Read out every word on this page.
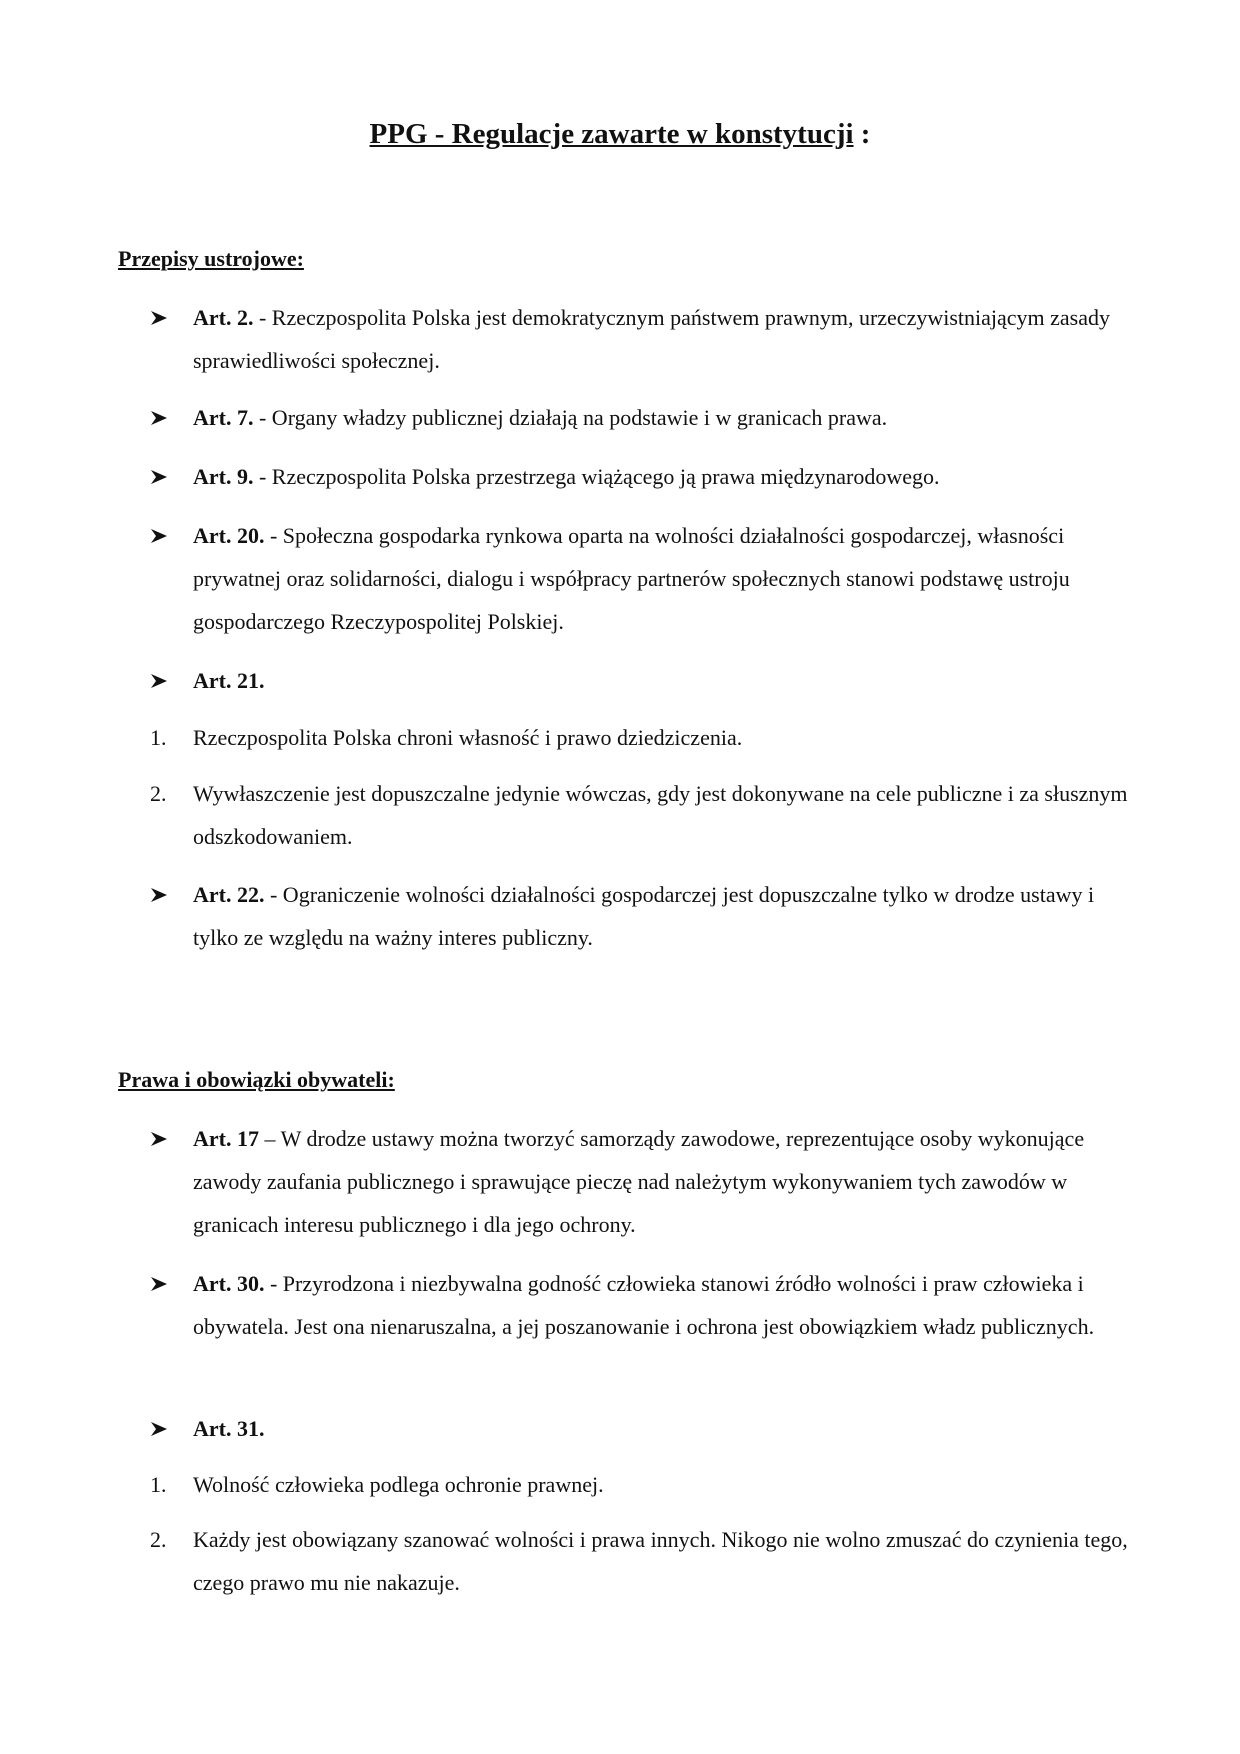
PPG - Regulacje zawarte w konstytucji :
Przepisy ustrojowe:
Art. 2. - Rzeczpospolita Polska jest demokratycznym państwem prawnym, urzeczywistniającym zasady sprawiedliwości społecznej.
Art. 7. - Organy władzy publicznej działają na podstawie i w granicach prawa.
Art. 9. - Rzeczpospolita Polska przestrzega wiążącego ją prawa międzynarodowego.
Art. 20. - Społeczna gospodarka rynkowa oparta na wolności działalności gospodarczej, własności prywatnej oraz solidarności, dialogu i współpracy partnerów społecznych stanowi podstawę ustroju gospodarczego Rzeczypospolitej Polskiej.
Art. 21.
1.	Rzeczpospolita Polska chroni własność i prawo dziedziczenia.
2.	Wywłaszczenie jest dopuszczalne jedynie wówczas, gdy jest dokonywane na cele publiczne i za słusznym odszkodowaniem.
Art. 22. - Ograniczenie wolności działalności gospodarczej jest dopuszczalne tylko w drodze ustawy i tylko ze względu na ważny interes publiczny.
Prawa i obowiązki obywateli:
Art. 17 – W drodze ustawy można tworzyć samorządy zawodowe, reprezentujące osoby wykonujące zawody zaufania publicznego i sprawujące pieczę nad należytym wykonywaniem tych zawodów w granicach interesu publicznego i dla jego ochrony.
Art. 30. - Przyrodzona i niezbywalna godność człowieka stanowi źródło wolności i praw człowieka i obywatela. Jest ona nienaruszalna, a jej poszanowanie i ochrona jest obowiązkiem władz publicznych.
Art. 31.
1.	Wolność człowieka podlega ochronie prawnej.
2.	Każdy jest obowiązany szanować wolności i prawa innych. Nikogo nie wolno zmuszać do czynienia tego, czego prawo mu nie nakazuje.
